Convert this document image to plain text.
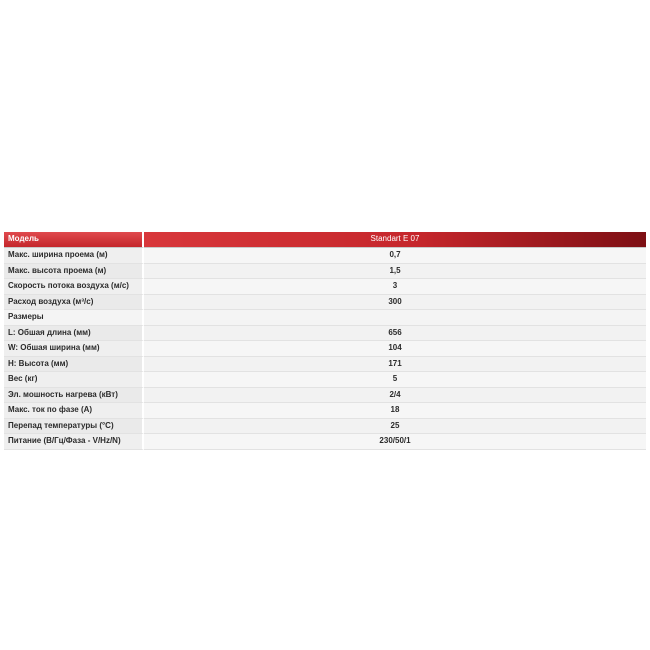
Модель	Standart E 07
Макс. ширина проема (м)	0,7
Макс. высота проема (м)	1,5
Скорость потока воздуха (м/с)	3
Расход воздуха (м³/с)	300
Размеры	
L: Обшая длина (мм)	656
W: Обшая ширина (мм)	104
H: Высота (мм)	171
Вес (кг)	5
Эл. мошность нагрева (кВт)	2/4
Макс. ток по фазе (А)	18
Перепад температуры (°С)	25
Питание (В/Гц/Фаза - V/Hz/N)	230/50/1
